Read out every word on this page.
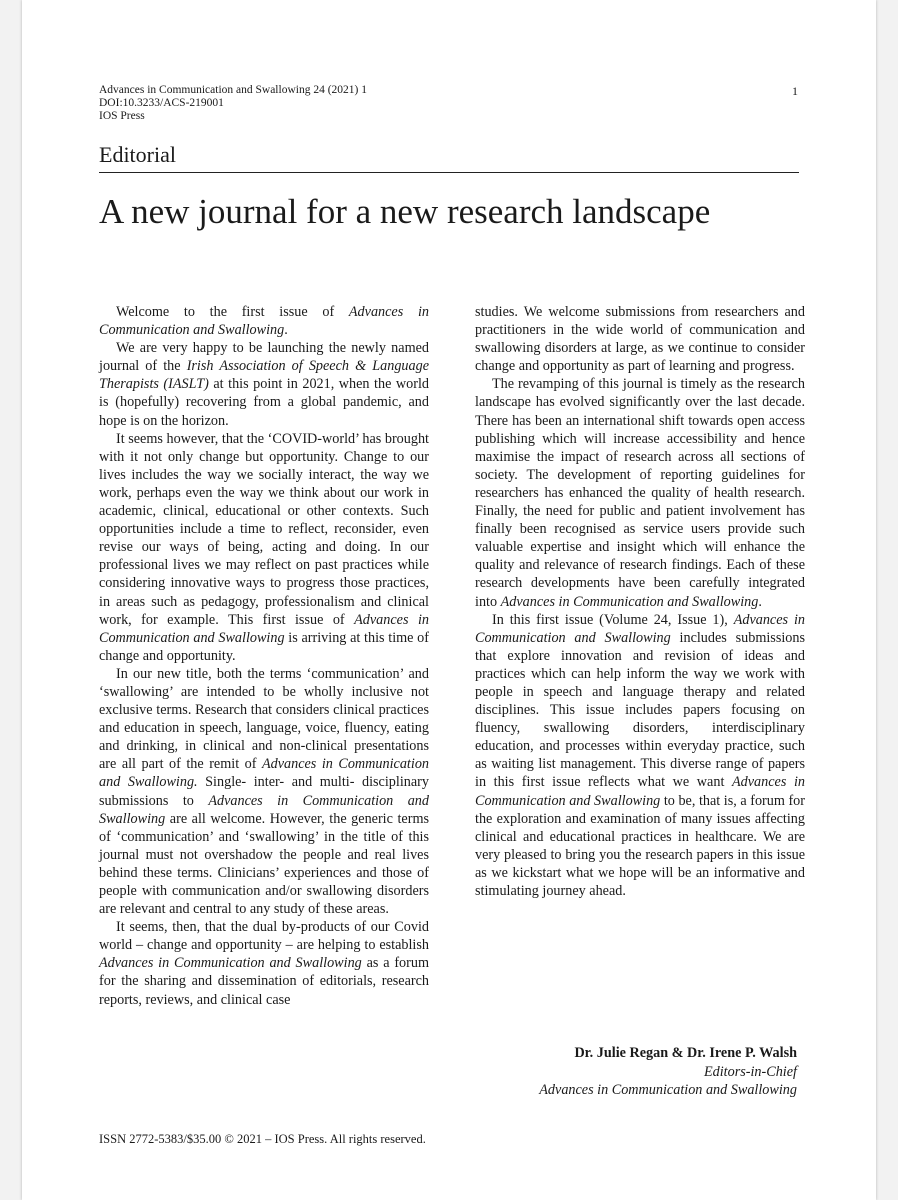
Advances in Communication and Swallowing 24 (2021) 1
DOI:10.3233/ACS-219001
IOS Press
1
Editorial
A new journal for a new research landscape

Welcome to the first issue of Advances in Communication and Swallowing.

We are very happy to be launching the newly named journal of the Irish Association of Speech & Language Therapists (IASLT) at this point in 2021, when the world is (hopefully) recovering from a global pandemic, and hope is on the horizon.

It seems however, that the ‘COVID-world’ has brought with it not only change but opportunity. Change to our lives includes the way we socially interact, the way we work, perhaps even the way we think about our work in academic, clinical, educational or other contexts. Such opportunities include a time to reflect, reconsider, even revise our ways of being, acting and doing. In our professional lives we may reflect on past practices while considering innovative ways to progress those practices, in areas such as pedagogy, professionalism and clinical work, for example. This first issue of Advances in Communication and Swallowing is arriving at this time of change and opportunity.

In our new title, both the terms ‘communication’ and ‘swallowing’ are intended to be wholly inclusive not exclusive terms. Research that considers clinical practices and education in speech, language, voice, fluency, eating and drinking, in clinical and non-clinical presentations are all part of the remit of Advances in Communication and Swallowing. Single- inter- and multi- disciplinary submissions to Advances in Communication and Swallowing are all welcome. However, the generic terms of ‘communication’ and ‘swallowing’ in the title of this journal must not overshadow the people and real lives behind these terms. Clinicians’ experiences and those of people with communication and/or swallowing disorders are relevant and central to any study of these areas.

It seems, then, that the dual by-products of our Covid world – change and opportunity – are helping to establish Advances in Communication and Swallowing as a forum for the sharing and dissemination of editorials, research reports, reviews, and clinical case

studies. We welcome submissions from researchers and practitioners in the wide world of communication and swallowing disorders at large, as we continue to consider change and opportunity as part of learning and progress.

The revamping of this journal is timely as the research landscape has evolved significantly over the last decade. There has been an international shift towards open access publishing which will increase accessibility and hence maximise the impact of research across all sections of society. The development of reporting guidelines for researchers has enhanced the quality of health research. Finally, the need for public and patient involvement has finally been recognised as service users provide such valuable expertise and insight which will enhance the quality and relevance of research findings. Each of these research developments have been carefully integrated into Advances in Communication and Swallowing.

In this first issue (Volume 24, Issue 1), Advances in Communication and Swallowing includes submissions that explore innovation and revision of ideas and practices which can help inform the way we work with people in speech and language therapy and related disciplines. This issue includes papers focusing on fluency, swallowing disorders, interdisciplinary education, and processes within everyday practice, such as waiting list management. This diverse range of papers in this first issue reflects what we want Advances in Communication and Swallowing to be, that is, a forum for the exploration and examination of many issues affecting clinical and educational practices in healthcare. We are very pleased to bring you the research papers in this issue as we kickstart what we hope will be an informative and stimulating journey ahead.

Dr. Julie Regan & Dr. Irene P. Walsh
Editors-in-Chief
Advances in Communication and Swallowing
ISSN 2772-5383/$35.00 © 2021 – IOS Press. All rights reserved.
